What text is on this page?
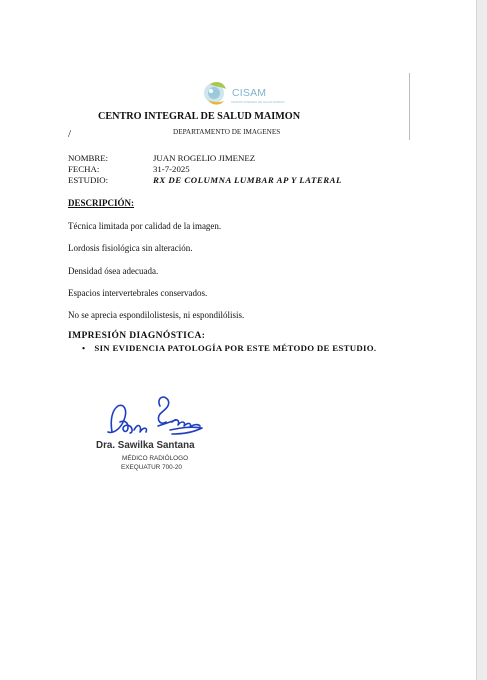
CISAM
CENTRO INTEGRAL DE SALUD MAIMON
CENTRO INTEGRAL DE SALUD MAIMON
/	DEPARTAMENTO DE IMAGENES
NOMBRE:	JUAN ROGELIO JIMENEZ
FECHA:	31-7-2025
ESTUDIO:	RX DE COLUMNA LUMBAR AP Y LATERAL
DESCRIPCIÓN:
Técnica limitada por calidad de la imagen.
Lordosis fisiológica sin alteración.
Densidad ósea adecuada.
Espacios intervertebrales conservados.
No se aprecia espondilolistesis, ni espondilólisis.
IMPRESIÓN DIAGNÓSTICA:
• SIN EVIDENCIA PATOLOGÍA POR ESTE MÉTODO DE ESTUDIO.
Dra. Sawilka Santana
MÉDICO RADIÓLOGO
EXEQUATUR 700-20
